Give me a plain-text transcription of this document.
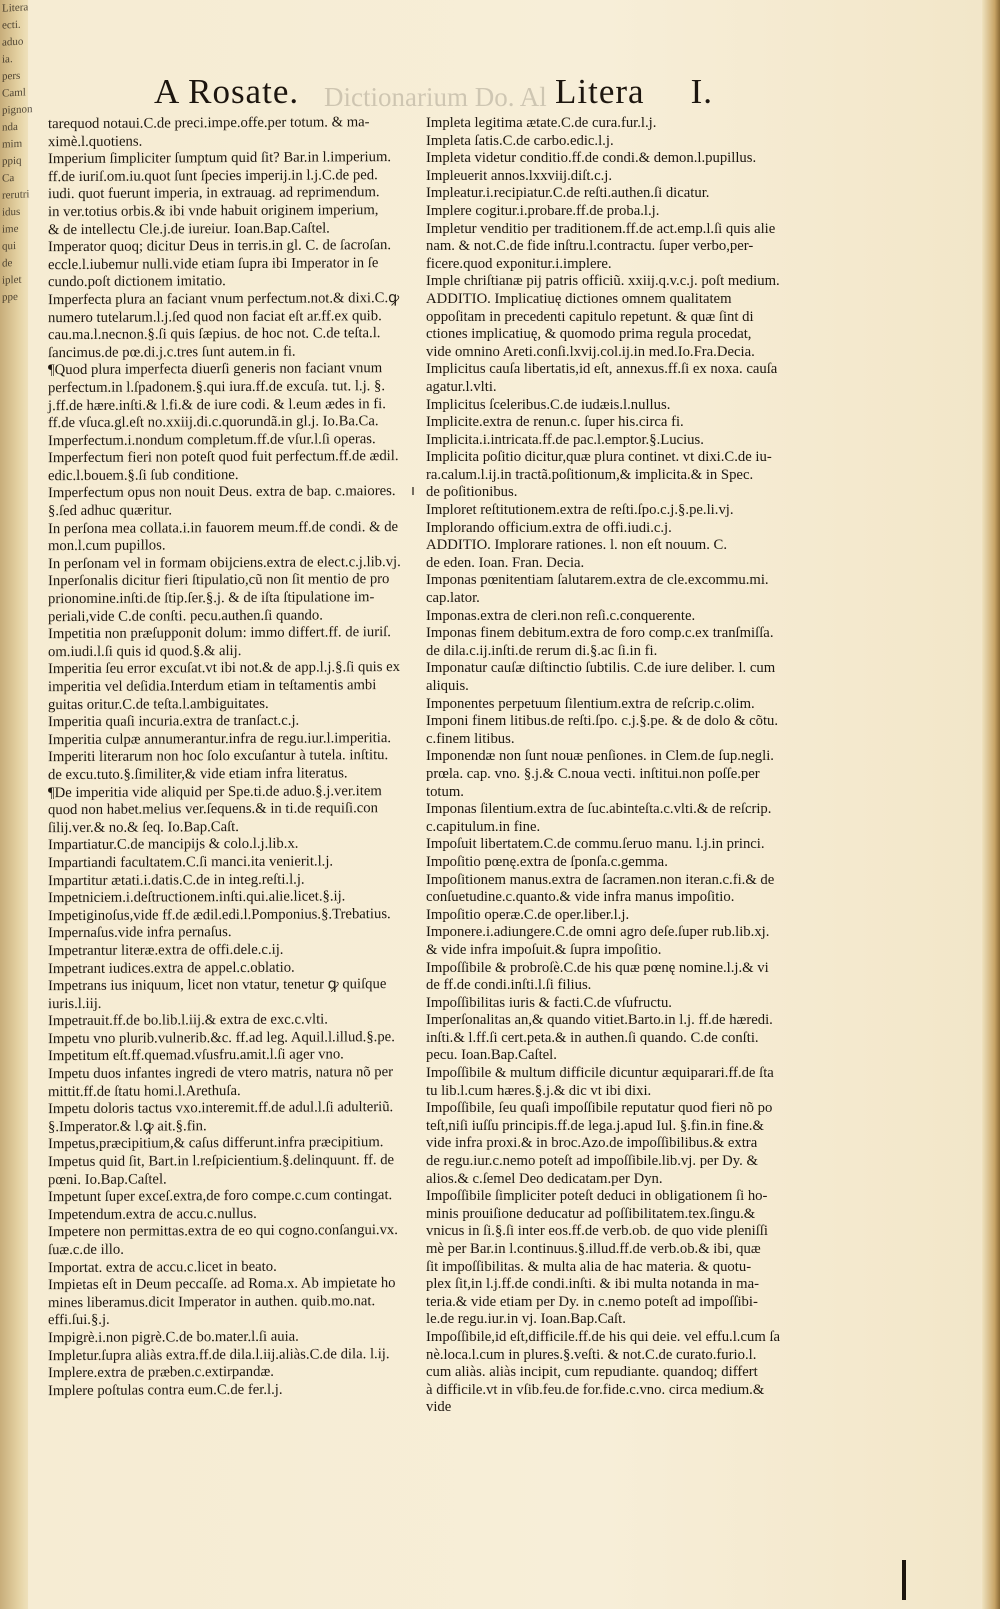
Litera
ecti.
aduo
ia.
pers
Caml
pignon
nda
mim
ppiq
Ca
rerutri
idus
ime
qui
de
iplet
ppe
Dictionarium Do. Al
A Rosate.	Litera I.

tarequod notaui.C.de preci.impe.offe.per totum. & ma-
ximè.l.quotiens.

Imperium ſimpliciter ſumptum quid ſit? Bar.in l.imperium.
ff.de iuriſ.om.iu.quot ſunt ſpecies imperij.in l.j.C.de ped.
iudi. quot fuerunt imperia, in extrauag. ad reprimendum.
in ver.totius orbis.& ibi vnde habuit originem imperium,
& de intellectu Cle.j.de iureiur. Ioan.Bap.Caſtel.

Imperator quoq; dicitur Deus in terris.in gl. C. de ſacroſan.
eccle.l.iubemur nulli.vide etiam ſupra ibi Imperator in ſe
cundo.poſt dictionem imitatio.

Imperfecta plura an faciant vnum perfectum.not.& dixi.C.ꝙ
numero tutelarum.l.j.ſed quod non faciat eſt ar.ff.ex quib.
cau.ma.l.necnon.§.ſi quis ſæpius. de hoc not. C.de teſta.l.
ſancimus.de pœ.di.j.c.tres ſunt autem.in fi.

¶Quod plura imperfecta diuerſi generis non faciant vnum
perfectum.in l.ſpadonem.§.qui iura.ff.de excuſa. tut. l.j. §.
j.ff.de hære.inſti.& l.fi.& de iure codi. & l.eum ædes in fi.
ff.de vſuca.gl.eſt no.xxiij.di.c.quorundã.in gl.j. Io.Ba.Ca.

Imperfectum.i.nondum completum.ff.de vſur.l.ſi operas.

Imperfectum fieri non poteſt quod fuit perfectum.ff.de ædil.
edic.l.bouem.§.ſi ſub conditione.

Imperfectum opus non nouit Deus. extra de bap. c.maiores.
§.ſed adhuc quæritur.

In perſona mea collata.i.in fauorem meum.ff.de condi. & de
mon.l.cum pupillos.

In perſonam vel in formam obijciens.extra de elect.c.j.lib.vj.

Inperſonalis dicitur fieri ſtipulatio,cũ non ſit mentio de pro
prionomine.inſti.de ſtip.ſer.§.j. & de iſta ſtipulatione im-
periali,vide C.de conſti. pecu.authen.ſi quando.

Impetitia non præſupponit dolum: immo differt.ff. de iuriſ.
om.iudi.l.ſi quis id quod.§.& alij.

Imperitia ſeu error excuſat.vt ibi not.& de app.l.j.§.ſi quis ex
imperitia vel deſidia.Interdum etiam in teſtamentis ambi
guitas oritur.C.de teſta.l.ambiguitates.

Imperitia quaſi incuria.extra de tranſact.c.j.

Imperitia culpæ annumerantur.infra de regu.iur.l.imperitia.

Imperiti literarum non hoc ſolo excuſantur à tutela. inſtitu.
de excu.tuto.§.ſimiliter,& vide etiam infra literatus.

¶De imperitia vide aliquid per Spe.ti.de aduo.§.j.ver.item
quod non habet.melius ver.ſequens.& in ti.de requiſi.con
ſilij.ver.& no.& ſeq. Io.Bap.Caſt.

Impartiatur.C.de mancipijs & colo.l.j.lib.x.

Impartiandi facultatem.C.ſi manci.ita venierit.l.j.

Impartitur ætati.i.datis.C.de in integ.reſti.l.j.

Impetniciem.i.deſtructionem.inſti.qui.alie.licet.§.ij.

Impetiginoſus,vide ff.de ædil.edi.l.Pomponius.§.Trebatius.

Impernaſus.vide infra pernaſus.

Impetrantur literæ.extra de offi.dele.c.ij.

Impetrant iudices.extra de appel.c.oblatio.

Impetrans ius iniquum, licet non vtatur, tenetur ꝙ quiſque
iuris.l.iij.

Impetrauit.ff.de bo.lib.l.iij.& extra de exc.c.vlti.

Impetu vno plurib.vulnerib.&c. ff.ad leg. Aquil.l.illud.§.pe.

Impetitum eſt.ff.quemad.vſusfru.amit.l.ſi ager vno.

Impetu duos infantes ingredi de vtero matris, natura nõ per
mittit.ff.de ſtatu homi.l.Arethuſa.

Impetu doloris tactus vxo.interemit.ff.de adul.l.ſi adulteriũ.
§.Imperator.& l.ꝙ ait.§.fin.

Impetus,præcipitium,& caſus differunt.infra præcipitium.

Impetus quid ſit, Bart.in l.reſpicientium.§.delinquunt. ff. de
pœni. Io.Bap.Caſtel.

Impetunt ſuper exceſ.extra,de foro compe.c.cum contingat.

Impetendum.extra de accu.c.nullus.

Impetere non permittas.extra de eo qui cogno.conſangui.vx.
ſuæ.c.de illo.

Importat. extra de accu.c.licet in beato.

Impietas eſt in Deum peccaſſe. ad Roma.x. Ab impietate ho
mines liberamus.dicit Imperator in authen. quib.mo.nat.
effi.ſui.§.j.

Impigrè.i.non pigrè.C.de bo.mater.l.ſi auia.

Impletur.ſupra aliàs extra.ff.de dila.l.iij.aliàs.C.de dila. l.ij.

Implere.extra de præben.c.extirpandæ.

Implere poſtulas contra eum.C.de fer.l.j.

Impleta legitima ætate.C.de cura.fur.l.j.

Impleta ſatis.C.de carbo.edic.l.j.

Impleta videtur conditio.ff.de condi.& demon.l.pupillus.

Impleuerit annos.lxxviij.diſt.c.j.

Impleatur.i.recipiatur.C.de reſti.authen.ſi dicatur.

Implere cogitur.i.probare.ff.de proba.l.j.

Impletur venditio per traditionem.ff.de act.emp.l.ſi quis alie
nam. & not.C.de fide inſtru.l.contractu. ſuper verbo,per-
ficere.quod exponitur.i.implere.

Imple chriſtianæ pij patris officiũ. xxiij.q.v.c.j. poſt medium.

ADDITIO. Implicatiuę dictiones omnem qualitatem
oppoſitam in precedenti capitulo repetunt. & quæ ſint di
ctiones implicatiuę, & quomodo prima regula procedat,
vide omnino Areti.conſi.lxvij.col.ij.in med.Io.Fra.Decia.

Implicitus cauſa libertatis,id eſt, annexus.ff.ſi ex noxa. cauſa
agatur.l.vlti.

Implicitus ſceleribus.C.de iudæis.l.nullus.

Implicite.extra de renun.c. ſuper his.circa fi.

Implicita.i.intricata.ff.de pac.l.emptor.§.Lucius.

Implicita poſitio dicitur,quæ plura continet. vt dixi.C.de iu-
ra.calum.l.ij.in tractã.poſitionum,& implicita.& in Spec.
de poſitionibus.

Imploret reſtitutionem.extra de reſti.ſpo.c.j.§.pe.li.vj.

Implorando officium.extra de offi.iudi.c.j.

ADDITIO. Implorare rationes. l. non eſt nouum. C.
de eden. Ioan. Fran. Decia.

Imponas pœnitentiam ſalutarem.extra de cle.excommu.mi.
cap.lator.

Imponas.extra de cleri.non reſi.c.conquerente.

Imponas finem debitum.extra de foro comp.c.ex tranſmiſſa.
de dila.c.ij.inſti.de rerum di.§.ac ſi.in fi.

Imponatur cauſæ diſtinctio ſubtilis. C.de iure deliber. l. cum
aliquis.

Imponentes perpetuum ſilentium.extra de reſcrip.c.olim.

Imponi finem litibus.de reſti.ſpo. c.j.§.pe. & de dolo & cõtu.
c.finem litibus.

Imponendæ non ſunt nouæ penſiones. in Clem.de ſup.negli.
prœla. cap. vno. §.j.& C.noua vecti. inſtitui.non poſſe.per
totum.

Imponas ſilentium.extra de ſuc.abinteſta.c.vlti.& de reſcrip.
c.capitulum.in fine.

Impoſuit libertatem.C.de commu.ſeruo manu. l.j.in princi.

Impoſitio pœnę.extra de ſponſa.c.gemma.

Impoſitionem manus.extra de ſacramen.non iteran.c.fi.& de
conſuetudine.c.quanto.& vide infra manus impoſitio.

Impoſitio operæ.C.de oper.liber.l.j.

Imponere.i.adiungere.C.de omni agro deſe.ſuper rub.lib.xj.
& vide infra impoſuit.& ſupra impoſitio.

Impoſſibile & probroſè.C.de his quæ pœnę nomine.l.j.& vi
de ff.de condi.inſti.l.ſi filius.

Impoſſibilitas iuris & facti.C.de vſufructu.

Imperſonalitas an,& quando vitiet.Barto.in l.j. ff.de hæredi.
inſti.& l.ff.ſi cert.peta.& in authen.ſi quando. C.de conſti.
pecu. Ioan.Bap.Caſtel.

Impoſſibile & multum difficile dicuntur æquiparari.ff.de ſta
tu lib.l.cum hæres.§.j.& dic vt ibi dixi.

Impoſſibile, ſeu quaſi impoſſibile reputatur quod fieri nõ po
teſt,niſi iuſſu principis.ff.de lega.j.apud Iul. §.fin.in fine.&
vide infra proxi.& in broc.Azo.de impoſſibilibus.& extra
de regu.iur.c.nemo poteſt ad impoſſibile.lib.vj. per Dy. &
alios.& c.ſemel Deo dedicatam.per Dyn.

Impoſſibile ſimpliciter poteſt deduci in obligationem ſi ho-
minis prouiſione deducatur ad poſſibilitatem.tex.ſingu.&
vnicus in ſi.§.ſi inter eos.ff.de verb.ob. de quo vide pleniſſi
mè per Bar.in l.continuus.§.illud.ff.de verb.ob.& ibi, quæ
ſit impoſſibilitas. & multa alia de hac materia. & quotu-
plex ſit,in l.j.ff.de condi.inſti. & ibi multa notanda in ma-
teria.& vide etiam per Dy. in c.nemo poteſt ad impoſſibi-
le.de regu.iur.in vj. Ioan.Bap.Caſt.

Impoſſibile,id eſt,difficile.ff.de his qui deie. vel effu.l.cum ſa
nè.loca.l.cum in plures.§.veſti. & not.C.de curato.furio.l.
cum aliàs. aliàs incipit, cum repudiante. quandoq; differt
à difficile.vt in vſib.feu.de for.fide.c.vno. circa medium.&
vide
